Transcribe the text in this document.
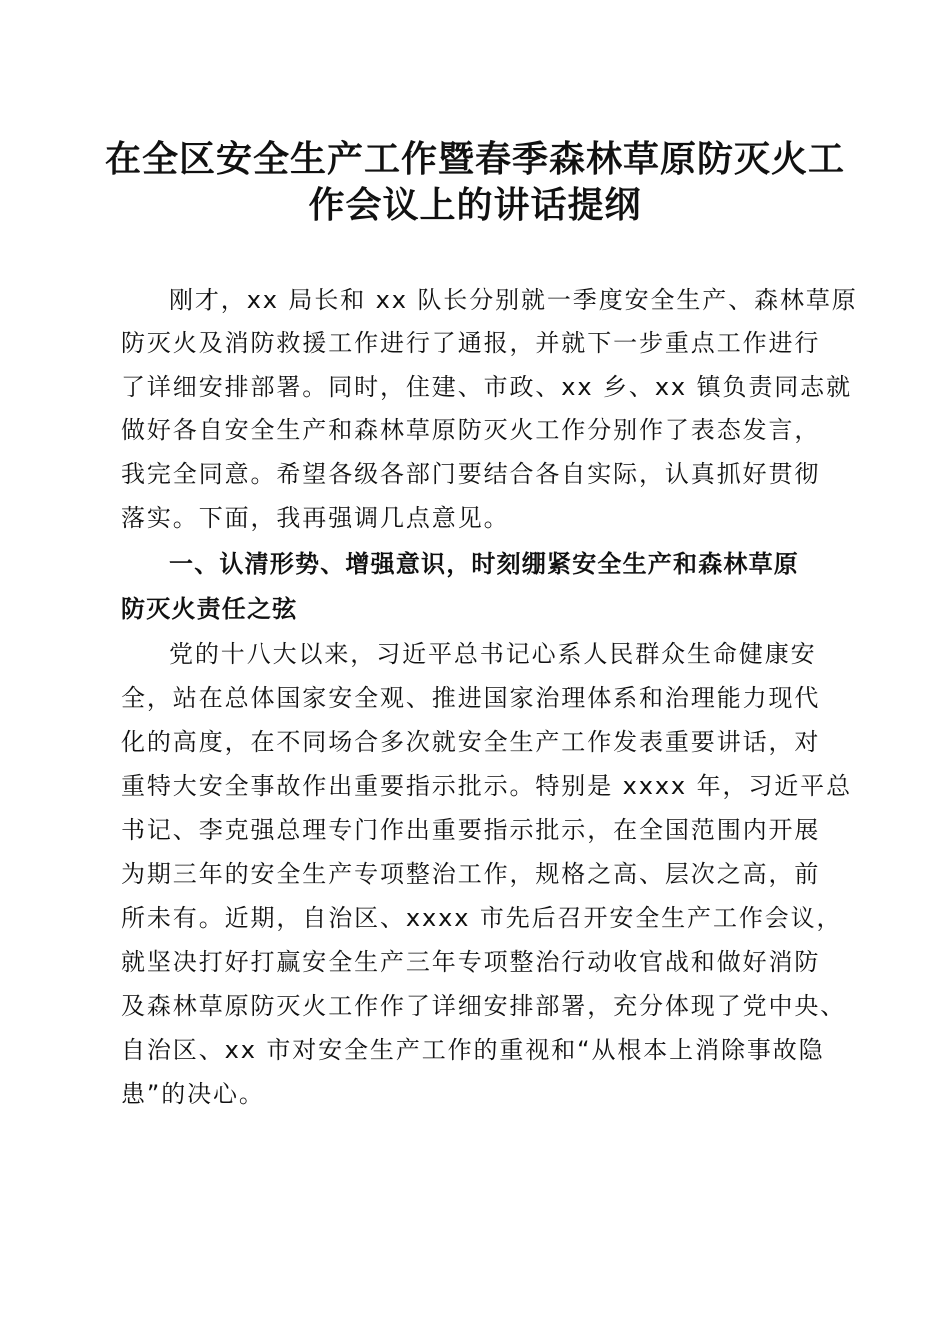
在全区安全生产工作暨春季森林草原防灭火工
作会议上的讲话提纲
刚才，xx 局长和 xx 队长分别就一季度安全生产、森林草原
防灭火及消防救援工作进行了通报，并就下一步重点工作进行
了详细安排部署。同时，住建、市政、xx 乡、xx 镇负责同志就
做好各自安全生产和森林草原防灭火工作分别作了表态发言，
我完全同意。希望各级各部门要结合各自实际，认真抓好贯彻
落实。下面，我再强调几点意见。
一、认清形势、增强意识，时刻绷紧安全生产和森林草原
防灭火责任之弦
党的十八大以来，习近平总书记心系人民群众生命健康安
全，站在总体国家安全观、推进国家治理体系和治理能力现代
化的高度，在不同场合多次就安全生产工作发表重要讲话，对
重特大安全事故作出重要指示批示。特别是 xxxx 年，习近平总
书记、李克强总理专门作出重要指示批示，在全国范围内开展
为期三年的安全生产专项整治工作，规格之高、层次之高，前
所未有。近期，自治区、xxxx 市先后召开安全生产工作会议，
就坚决打好打赢安全生产三年专项整治行动收官战和做好消防
及森林草原防灭火工作作了详细安排部署，充分体现了党中央、
自治区、xx 市对安全生产工作的重视和“从根本上消除事故隐
患”的决心。
